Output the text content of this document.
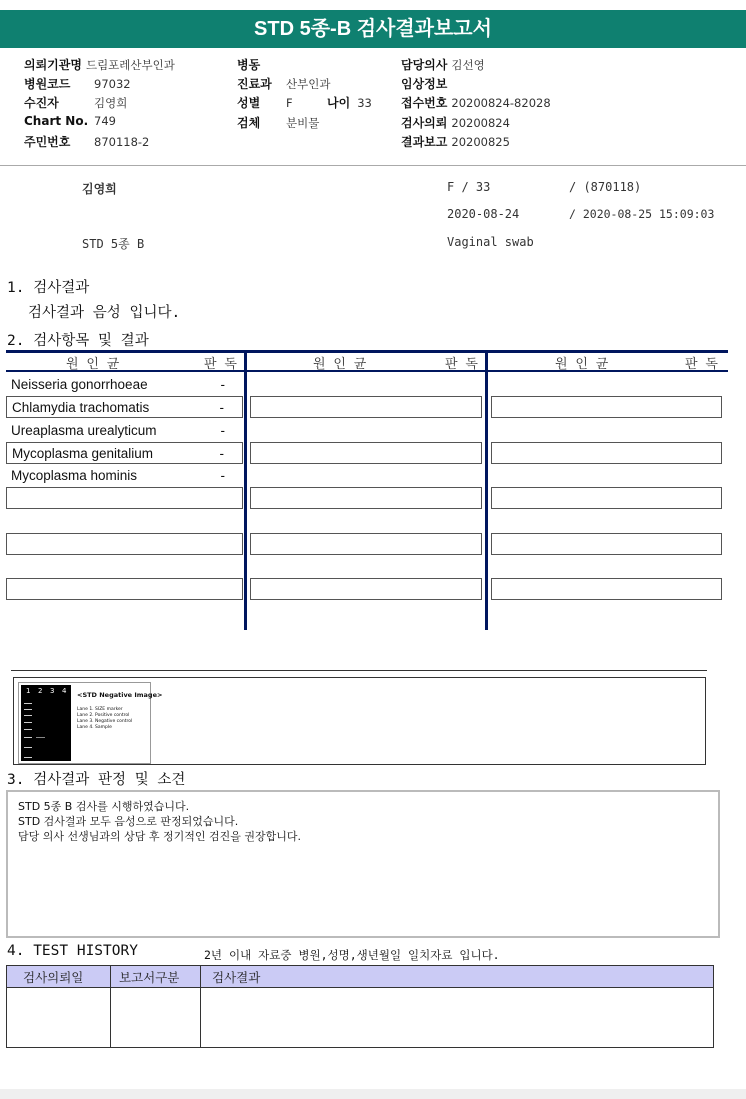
STD 5종-B 검사결과보고서
의뢰기관명 드림포레산부인과
병원코드 97032
수진자	김영희
Chart No. 749
주민번호 870118-2
병동
진료과 산부인과
성별 F	나이 33
검체 분비물
담당의사 김선영
임상정보
접수번호 20200824-82028
검사의뢰 20200824
결과보고 20200825
김영희	F / 33	/ (870118)
2020-08-24	/ 2020-08-25 15:09:03
STD 5종 B	Vaginal swab
1. 검사결과
검사결과 음성 입니다.
2. 검사항목 및 결과
원 인 균	판 독	원 인 균	판 독	원 인 균	판 독
Neisseria gonorrhoeae	-
Chlamydia trachomatis	-
Ureaplasma urealyticum	-
Mycoplasma genitalium	-
Mycoplasma hominis	-
1 2 3 4 <STD Negative Image>
Lane 1. SIZE marker
Lane 2. Positive control
Lane 3. Negative control
Lane 4. Sample
3. 검사결과 판정 및 소견
STD 5종 B 검사를 시행하였습니다.
STD 검사결과 모두 음성으로 판정되었습니다.
담당 의사 선생님과의 상담 후 정기적인 검진을 권장합니다.
4. TEST HISTORY	2년 이내 자료중 병원,성명,생년월일 일치자료 입니다.
검사의뢰일	보고서구분	검사결과
